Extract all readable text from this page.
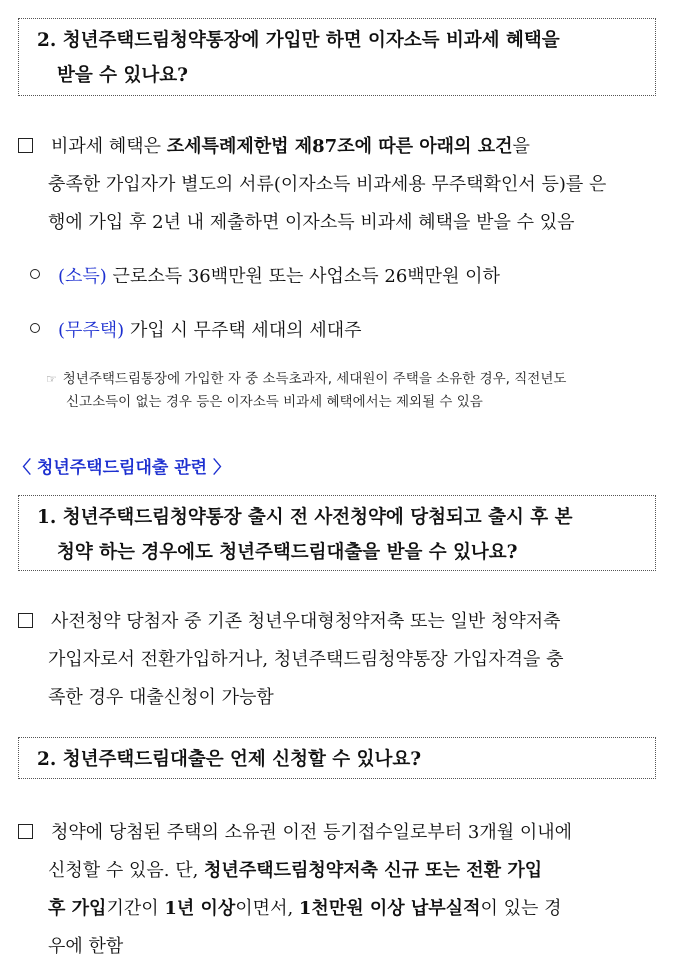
2. 청년주택드림청약통장에 가입만 하면 이자소득 비과세 혜택을
받을 수 있나요?
비과세 혜택은 조세특례제한법 제87조에 따른 아래의 요건을
충족한 가입자가 별도의 서류(이자소득 비과세용 무주택확인서 등)를 은
행에 가입 후 2년 내 제출하면 이자소득 비과세 혜택을 받을 수 있음
(소득) 근로소득 36백만원 또는 사업소득 26백만원 이하
(무주택) 가입 시 무주택 세대의 세대주
☞ 청년주택드림통장에 가입한 자 중 소득초과자, 세대원이 주택을 소유한 경우, 직전년도
신고소득이 없는 경우 등은 이자소득 비과세 혜택에서는 제외될 수 있음
〈 청년주택드림대출 관련 〉
1. 청년주택드림청약통장 출시 전 사전청약에 당첨되고 출시 후 본
청약 하는 경우에도 청년주택드림대출을 받을 수 있나요?
사전청약 당첨자 중 기존 청년우대형청약저축 또는 일반 청약저축
가입자로서 전환가입하거나, 청년주택드림청약통장 가입자격을 충
족한 경우 대출신청이 가능함
2. 청년주택드림대출은 언제 신청할 수 있나요?
청약에 당첨된 주택의 소유권 이전 등기접수일로부터 3개월 이내에
신청할 수 있음. 단, 청년주택드림청약저축 신규 또는 전환 가입
후 가입기간이 1년 이상이면서, 1천만원 이상 납부실적이 있는 경
우에 한함
